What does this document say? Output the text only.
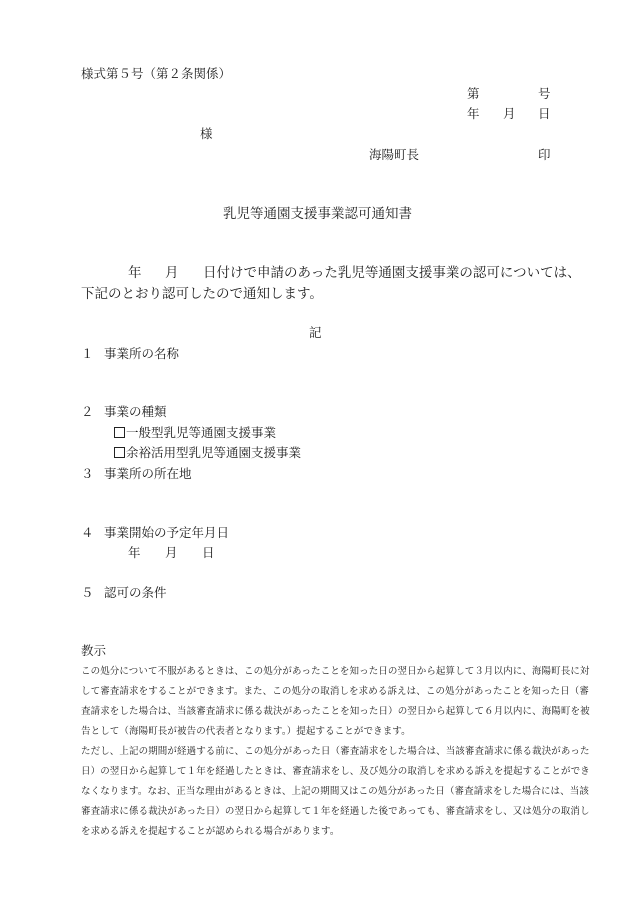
様式第５号（第２条関係）
第	号
年 月 日
様
海陽町長	印
乳児等通園支援事業認可通知書
年 月 日付けで申請のあった乳児等通園支援事業の認可については、
下記のとおり認可したので通知します。
記
１ 事業所の名称
２ 事業の種類
一般型乳児等通園支援事業
余裕活用型乳児等通園支援事業
３ 事業所の所在地
４ 事業開始の予定年月日
年 月 日
５ 認可の条件
教示

この処分について不服があるときは、この処分があったことを知った日の翌日から起算して３月以内に、海陽町長に対

して審査請求をすることができます。また、この処分の取消しを求める訴えは、この処分があったことを知った日（審

査請求をした場合は、当該審査請求に係る裁決があったことを知った日）の翌日から起算して６月以内に、海陽町を被

告として（海陽町長が被告の代表者となります。）提起することができます。

ただし、上記の期間が経過する前に、この処分があった日（審査請求をした場合は、当該審査請求に係る裁決があった

日）の翌日から起算して１年を経過したときは、審査請求をし、及び処分の取消しを求める訴えを提起することができ

なくなります。なお、正当な理由があるときは、上記の期間又はこの処分があった日（審査請求をした場合には、当該

審査請求に係る裁決があった日）の翌日から起算して１年を経過した後であっても、審査請求をし、又は処分の取消し

を求める訴えを提起することが認められる場合があります。
